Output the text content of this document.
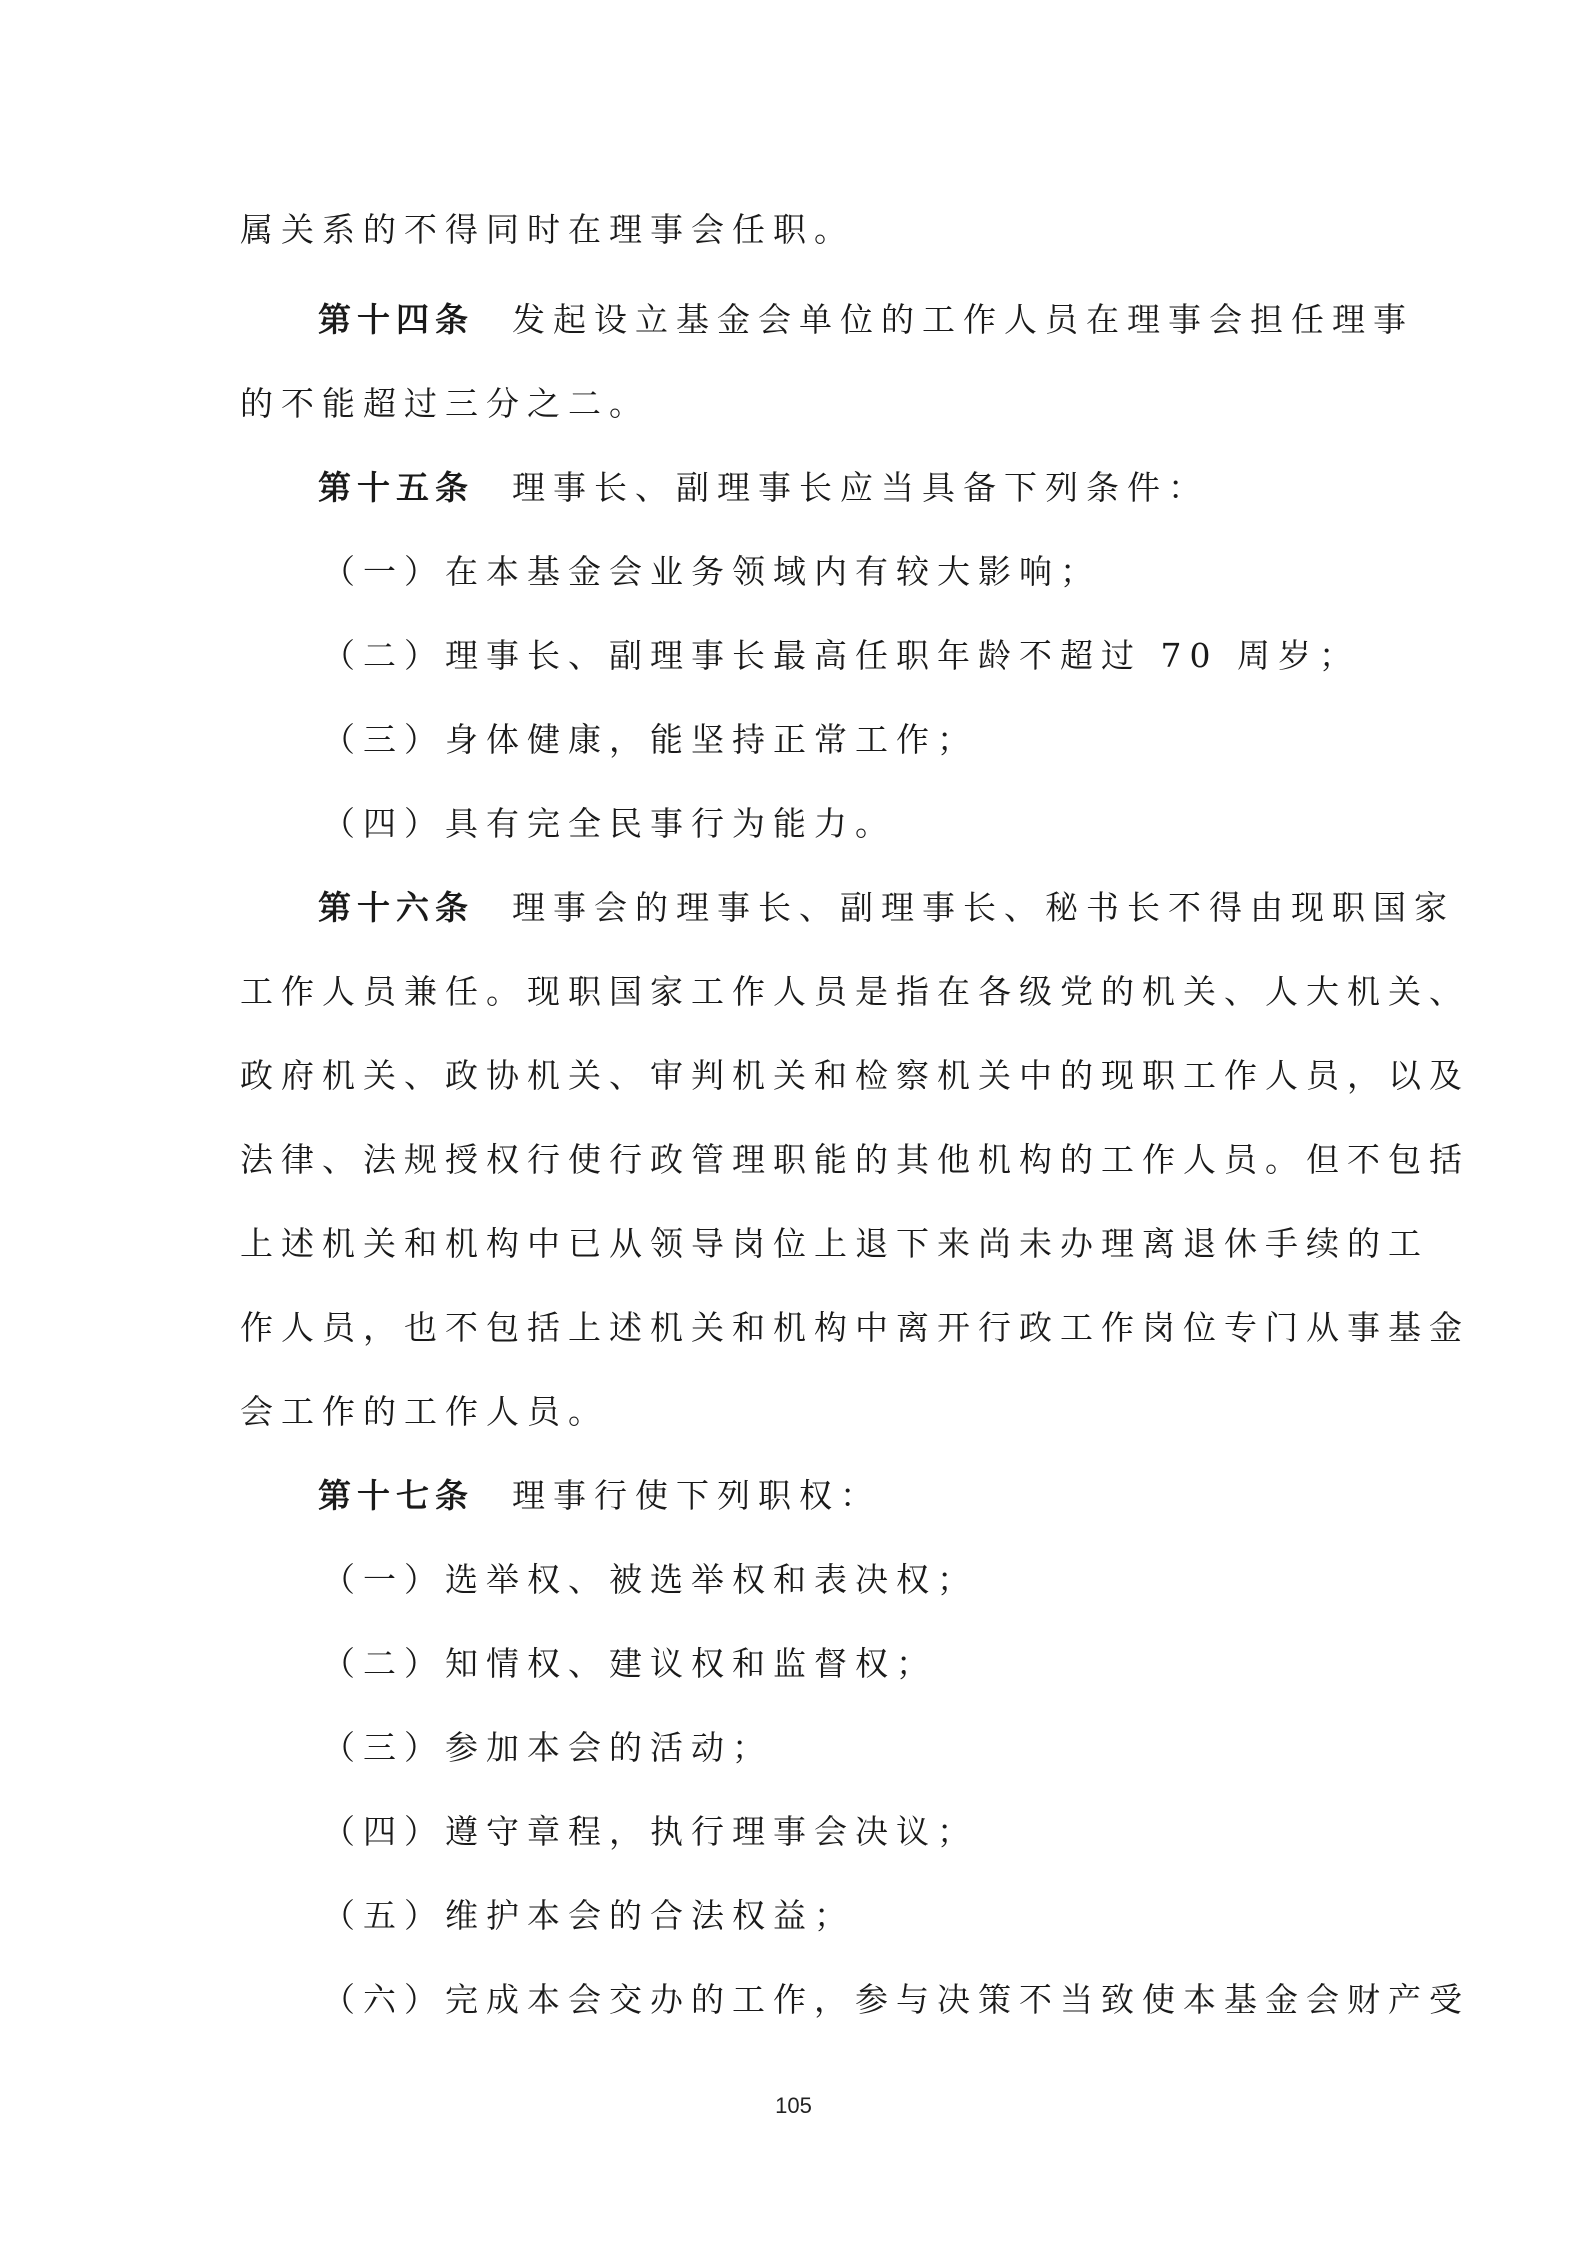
属关系的不得同时在理事会任职。
第十四条 发起设立基金会单位的工作人员在理事会担任理事
的不能超过三分之二。
第十五条 理事长、副理事长应当具备下列条件：
（一）在本基金会业务领域内有较大影响；
（二）理事长、副理事长最高任职年龄不超过 70 周岁；
（三）身体健康，能坚持正常工作；
（四）具有完全民事行为能力。
第十六条 理事会的理事长、副理事长、秘书长不得由现职国家
工作人员兼任。现职国家工作人员是指在各级党的机关、人大机关、
政府机关、政协机关、审判机关和检察机关中的现职工作人员，以及
法律、法规授权行使行政管理职能的其他机构的工作人员。但不包括
上述机关和机构中已从领导岗位上退下来尚未办理离退休手续的工
作人员，也不包括上述机关和机构中离开行政工作岗位专门从事基金
会工作的工作人员。
第十七条 理事行使下列职权：
（一）选举权、被选举权和表决权；
（二）知情权、建议权和监督权；
（三）参加本会的活动；
（四）遵守章程，执行理事会决议；
（五）维护本会的合法权益；
（六）完成本会交办的工作，参与决策不当致使本基金会财产受
105
